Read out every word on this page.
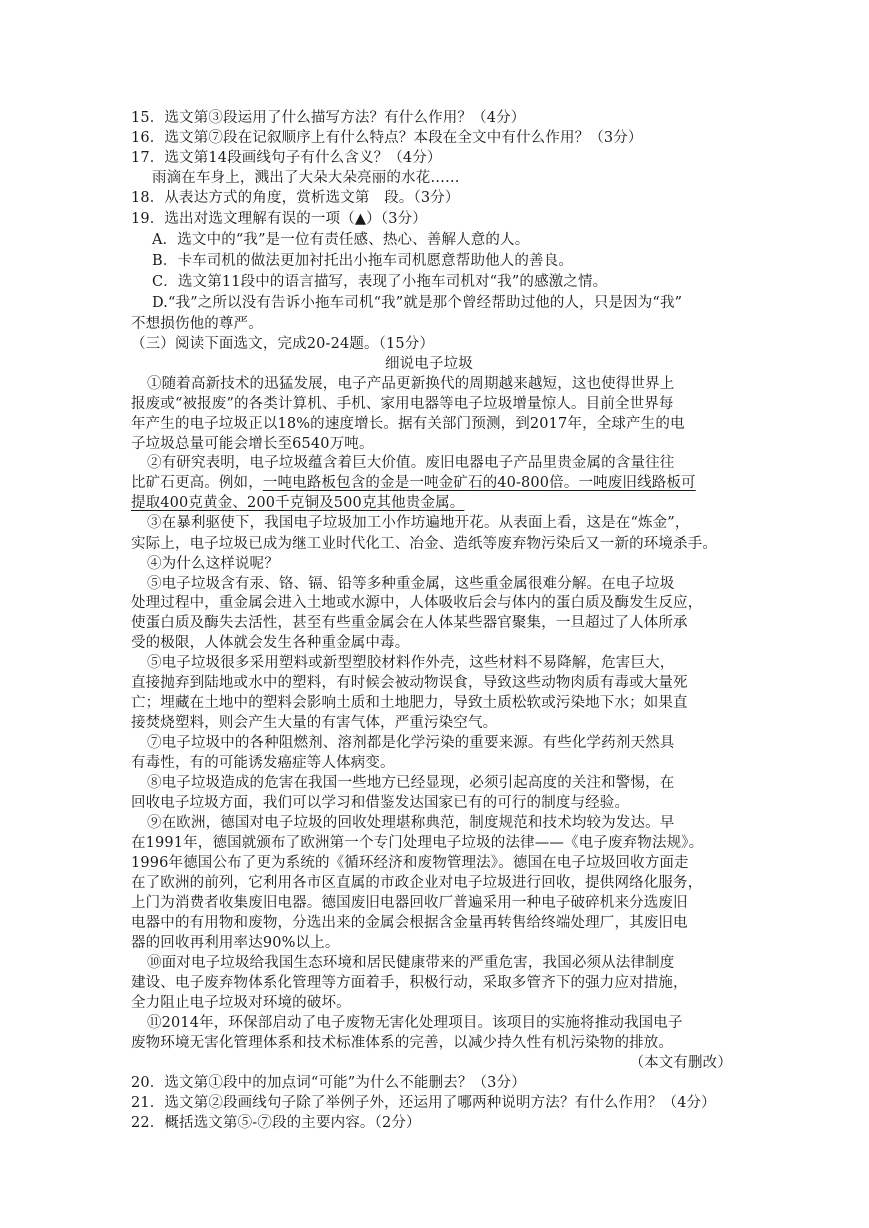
15．选文第③段运用了什么描写方法？有什么作用？（4分）
16．选文第⑦段在记叙顺序上有什么特点？本段在全文中有什么作用？（3分）
17．选文第14段画线句子有什么含义？（4分）
雨滴在车身上，溅出了大朵大朵亮丽的水花……
18．从表达方式的角度，赏析选文第　段。（3分）
19．选出对选文理解有误的一项（▲）（3分）
A．选文中的“我”是一位有责任感、热心、善解人意的人。
B．卡车司机的做法更加衬托出小拖车司机愿意帮助他人的善良。
C．选文第11段中的语言描写，表现了小拖车司机对“我”的感激之情。
D.“我”之所以没有告诉小拖车司机“我”就是那个曾经帮助过他的人，只是因为“我”
不想损伤他的尊严。
（三）阅读下面选文，完成20-24题。（15分）
细说电子垃圾
①随着高新技术的迅猛发展，电子产品更新换代的周期越来越短，这也使得世界上
报废或“被报废”的各类计算机、手机、家用电器等电子垃圾增量惊人。目前全世界每
年产生的电子垃圾正以18%的速度增长。据有关部门预测，到2017年，全球产生的电
子垃圾总量可能会增长至6540万吨。
②有研究表明，电子垃圾蕴含着巨大价值。废旧电器电子产品里贵金属的含量往往
比矿石更高。例如，一吨电路板包含的金是一吨金矿石的40-800倍。一吨废旧线路板可
提取400克黄金、200千克铜及500克其他贵金属。
③在暴利驱使下，我国电子垃圾加工小作坊遍地开花。从表面上看，这是在“炼金”，
实际上，电子垃圾已成为继工业时代化工、冶金、造纸等废弃物污染后又一新的环境杀手。
④为什么这样说呢？
⑤电子垃圾含有汞、铬、镉、铅等多种重金属，这些重金属很难分解。在电子垃圾
处理过程中，重金属会进入土地或水源中，人体吸收后会与体内的蛋白质及酶发生反应，
使蛋白质及酶失去活性，甚至有些重金属会在人体某些器官聚集，一旦超过了人体所承
受的极限，人体就会发生各种重金属中毒。
⑤电子垃圾很多采用塑料或新型塑胶材料作外壳，这些材料不易降解，危害巨大，
直接抛弃到陆地或水中的塑料，有时候会被动物误食，导致这些动物肉质有毒或大量死
亡；埋藏在土地中的塑料会影响土质和土地肥力，导致土质松软或污染地下水；如果直
接焚烧塑料，则会产生大量的有害气体，严重污染空气。
⑦电子垃圾中的各种阻燃剂、溶剂都是化学污染的重要来源。有些化学药剂天然具
有毒性，有的可能诱发癌症等人体病变。
⑧电子垃圾造成的危害在我国一些地方已经显现，必须引起高度的关注和警惕，在
回收电子垃圾方面，我们可以学习和借鉴发达国家已有的可行的制度与经验。
⑨在欧洲，德国对电子垃圾的回收处理堪称典范，制度规范和技术均较为发达。早
在1991年，德国就颁布了欧洲第一个专门处理电子垃圾的法律——《电子废弃物法规》。
1996年德国公布了更为系统的《循环经济和废物管理法》。德国在电子垃圾回收方面走
在了欧洲的前列，它利用各市区直属的市政企业对电子垃圾进行回收，提供网络化服务，
上门为消费者收集废旧电器。德国废旧电器回收厂普遍采用一种电子破碎机来分选废旧
电器中的有用物和废物，分选出来的金属会根据含金量再转售给终端处理厂，其废旧电
器的回收再利用率达90%以上。
⑩面对电子垃圾给我国生态环境和居民健康带来的严重危害，我国必须从法律制度
建设、电子废弃物体系化管理等方面着手，积极行动，采取多管齐下的强力应对措施，
全力阻止电子垃圾对环境的破坏。
⑪2014年，环保部启动了电子废物无害化处理项目。该项目的实施将推动我国电子
废物环境无害化管理体系和技术标准体系的完善，以减少持久性有机污染物的排放。
（本文有删改）
20．选文第①段中的加点词“可能”为什么不能删去？（3分）
21．选文第②段画线句子除了举例子外，还运用了哪两种说明方法？有什么作用？（4分）
22．概括选文第⑤-⑦段的主要内容。（2分）
